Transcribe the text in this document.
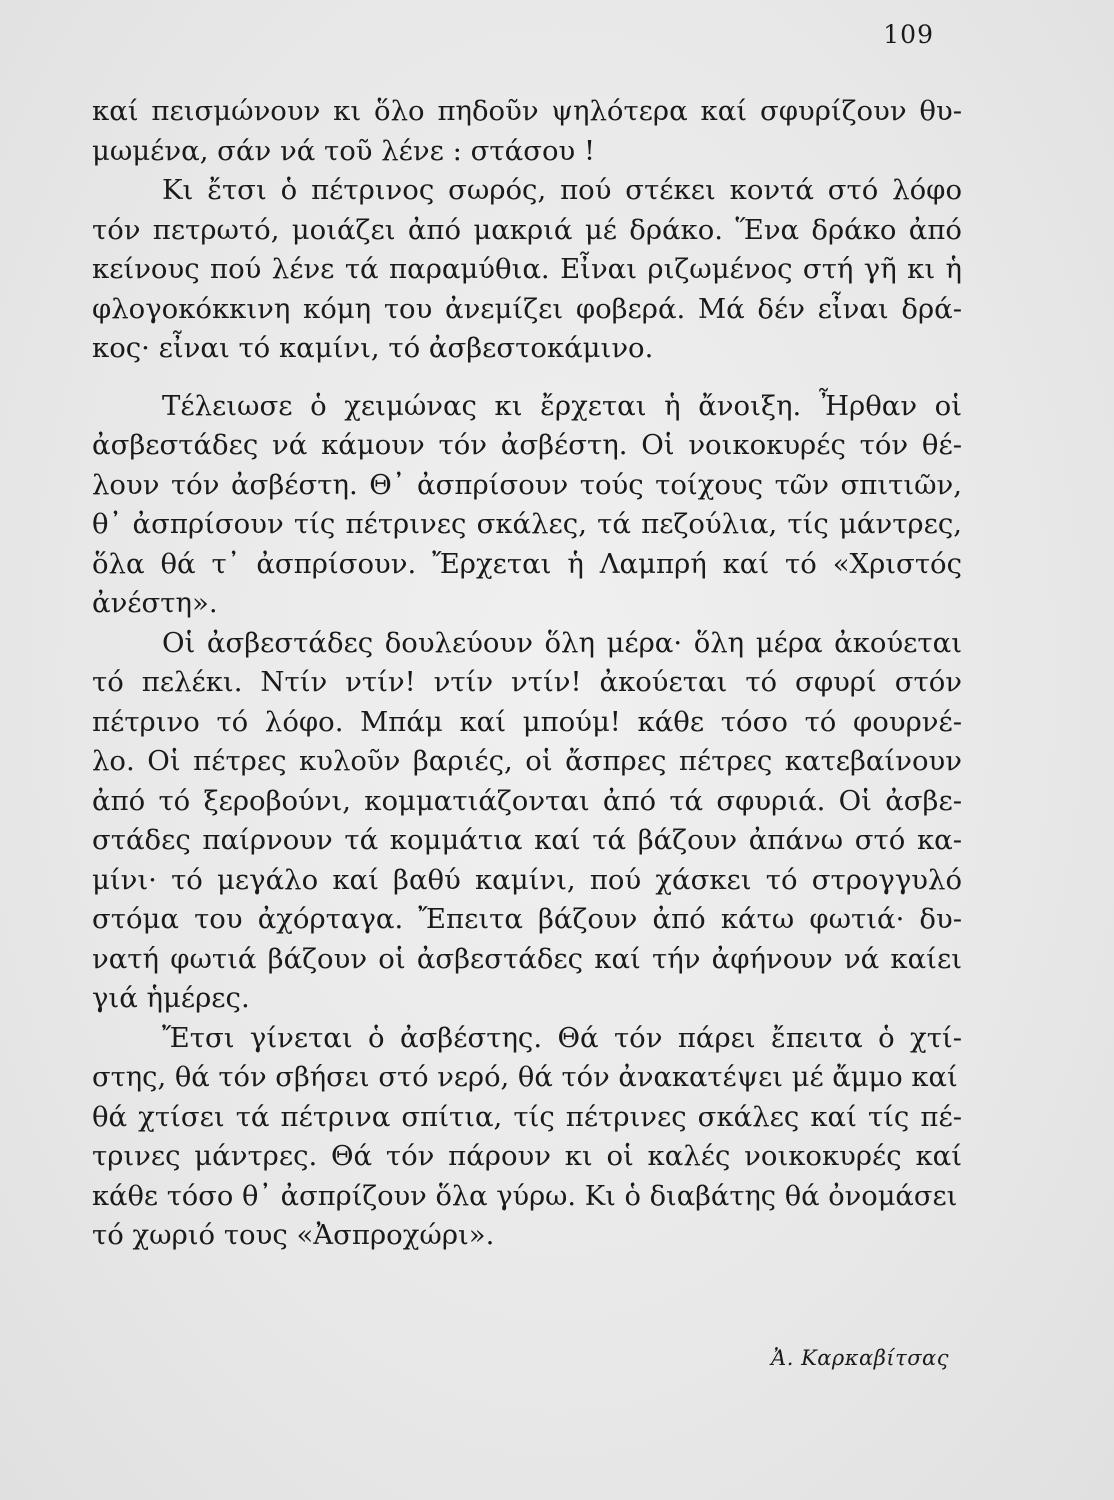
109
καί πεισμώνουν κι ὅλο πηδοῦν ψηλότερα καί σφυρίζουν θυ-
μωμένα, σάν νά τοῦ λένε : στάσου !
Κι ἔτσι ὁ πέτρινος σωρός, πού στέκει κοντά στό λόφο
τόν πετρωτό, μοιάζει ἀπό μακριά μέ δράκο. Ἕνα δράκο ἀπό
κείνους πού λένε τά παραμύθια. Εἶναι ριζωμένος στή γῆ κι ἡ
φλογοκόκκινη κόμη του ἀνεμίζει φοβερά. Μά δέν εἶναι δρά-
κος· εἶναι τό καμίνι, τό ἀσβεστοκάμινο.
Τέλειωσε ὁ χειμώνας κι ἔρχεται ἡ ἄνοιξη. Ἦρθαν οἱ
ἀσβεστάδες νά κάμουν τόν ἀσβέστη. Οἱ νοικοκυρές τόν θέ-
λουν τόν ἀσβέστη. Θ᾽ ἀσπρίσουν τούς τοίχους τῶν σπιτιῶν,
θ᾽ ἀσπρίσουν τίς πέτρινες σκάλες, τά πεζούλια, τίς μάντρες,
ὅλα θά τ᾽ ἀσπρίσουν. Ἔρχεται ἡ Λαμπρή καί τό «Χριστός
ἀνέστη».
Οἱ ἀσβεστάδες δουλεύουν ὅλη μέρα· ὅλη μέρα ἀκούεται
τό πελέκι. Ντίν ντίν! ντίν ντίν! ἀκούεται τό σφυρί στόν
πέτρινο τό λόφο. Μπάμ καί μπούμ! κάθε τόσο τό φουρνέ-
λο. Οἱ πέτρες κυλοῦν βαριές, οἱ ἄσπρες πέτρες κατεβαίνουν
ἀπό τό ξεροβούνι, κομματιάζονται ἀπό τά σφυριά. Οἱ ἀσβε-
στάδες παίρνουν τά κομμάτια καί τά βάζουν ἀπάνω στό κα-
μίνι· τό μεγάλο καί βαθύ καμίνι, πού χάσκει τό στρογγυλό
στόμα του ἀχόρταγα. Ἔπειτα βάζουν ἀπό κάτω φωτιά· δυ-
νατή φωτιά βάζουν οἱ ἀσβεστάδες καί τήν ἀφήνουν νά καίει
γιά ἡμέρες.
Ἔτσι γίνεται ὁ ἀσβέστης. Θά τόν πάρει ἔπειτα ὁ χτί-
στης, θά τόν σβήσει στό νερό, θά τόν ἀνακατέψει μέ ἄμμο καί
θά χτίσει τά πέτρινα σπίτια, τίς πέτρινες σκάλες καί τίς πέ-
τρινες μάντρες. Θά τόν πάρουν κι οἱ καλές νοικοκυρές καί
κάθε τόσο θ᾽ ἀσπρίζουν ὅλα γύρω. Κι ὁ διαβάτης θά ὀνομάσει
τό χωριό τους «Ἀσπροχώρι».
Ἀ. Καρκαβίτσας
